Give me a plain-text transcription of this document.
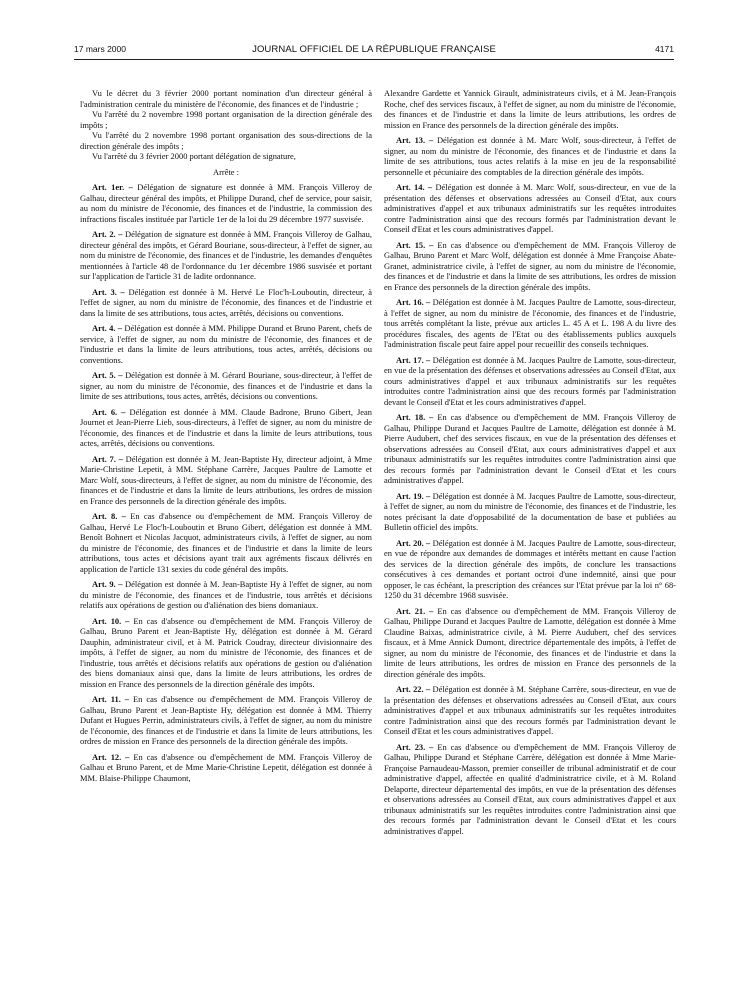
17 mars 2000	JOURNAL OFFICIEL DE LA RÉPUBLIQUE FRANÇAISE	4171

Vu le décret du 3 février 2000 portant nomination d'un directeur général à l'administration centrale du ministère de l'économie, des finances et de l'industrie ;

Vu l'arrêté du 2 novembre 1998 portant organisation de la direction générale des impôts ;

Vu l'arrêté du 2 novembre 1998 portant organisation des sous-directions de la direction générale des impôts ;

Vu l'arrêté du 3 février 2000 portant délégation de signature,

Arrête :

Art. 1er. – Délégation de signature est donnée à MM. François Villeroy de Galhau, directeur général des impôts, et Philippe Durand, chef de service, pour saisir, au nom du ministre de l'économie, des finances et de l'industrie, la commission des infractions fiscales instituée par l'article 1er de la loi du 29 décembre 1977 susvisée.

Art. 2. – Délégation de signature est donnée à MM. François Villeroy de Galhau, directeur général des impôts, et Gérard Bouriane, sous-directeur, à l'effet de signer, au nom du ministre de l'économie, des finances et de l'industrie, les demandes d'enquêtes mentionnées à l'article 48 de l'ordonnance du 1er décembre 1986 susvisée et portant sur l'application de l'article 31 de ladite ordonnance.

Art. 3. – Délégation est donnée à M. Hervé Le Floc'h-Louboutin, directeur, à l'effet de signer, au nom du ministre de l'économie, des finances et de l'industrie et dans la limite de ses attributions, tous actes, arrêtés, décisions ou conventions.

Art. 4. – Délégation est donnée à MM. Philippe Durand et Bruno Parent, chefs de service, à l'effet de signer, au nom du ministre de l'économie, des finances et de l'industrie et dans la limite de leurs attributions, tous actes, arrêtés, décisions ou conventions.

Art. 5. – Délégation est donnée à M. Gérard Bouriane, sous-directeur, à l'effet de signer, au nom du ministre de l'économie, des finances et de l'industrie et dans la limite de ses attributions, tous actes, arrêtés, décisions ou conventions.

Art. 6. – Délégation est donnée à MM. Claude Badrone, Bruno Gibert, Jean Journet et Jean-Pierre Lieb, sous-directeurs, à l'effet de signer, au nom du ministre de l'économie, des finances et de l'industrie et dans la limite de leurs attributions, tous actes, arrêtés, décisions ou conventions.

Art. 7. – Délégation est donnée à M. Jean-Baptiste Hy, directeur adjoint, à Mme Marie-Christine Lepetit, à MM. Stéphane Carrère, Jacques Paultre de Lamotte et Marc Wolf, sous-directeurs, à l'effet de signer, au nom du ministre de l'économie, des finances et de l'industrie et dans la limite de leurs attributions, les ordres de mission en France des personnels de la direction générale des impôts.

Art. 8. – En cas d'absence ou d'empêchement de MM. François Villeroy de Galhau, Hervé Le Floc'h-Louboutin et Bruno Gibert, délégation est donnée à MM. Benoît Bohnert et Nicolas Jacquot, administrateurs civils, à l'effet de signer, au nom du ministre de l'économie, des finances et de l'industrie et dans la limite de leurs attributions, tous actes et décisions ayant trait aux agréments fiscaux délivrés en application de l'article 131 sexies du code général des impôts.

Art. 9. – Délégation est donnée à M. Jean-Baptiste Hy à l'effet de signer, au nom du ministre de l'économie, des finances et de l'industrie, tous arrêtés et décisions relatifs aux opérations de gestion ou d'aliénation des biens domaniaux.

Art. 10. – En cas d'absence ou d'empêchement de MM. François Villeroy de Galhau, Bruno Parent et Jean-Baptiste Hy, délégation est donnée à M. Gérard Dauphin, administrateur civil, et à M. Patrick Coudray, directeur divisionnaire des impôts, à l'effet de signer, au nom du ministre de l'économie, des finances et de l'industrie, tous arrêtés et décisions relatifs aux opérations de gestion ou d'aliénation des biens domaniaux ainsi que, dans la limite de leurs attributions, les ordres de mission en France des personnels de la direction générale des impôts.

Art. 11. – En cas d'absence ou d'empêchement de MM. François Villeroy de Galhau, Bruno Parent et Jean-Baptiste Hy, délégation est donnée à MM. Thierry Dufant et Hugues Perrin, administrateurs civils, à l'effet de signer, au nom du ministre de l'économie, des finances et de l'industrie et dans la limite de leurs attributions, les ordres de mission en France des personnels de la direction générale des impôts.

Art. 12. – En cas d'absence ou d'empêchement de MM. François Villeroy de Galhau et Bruno Parent, et de Mme Marie-Christine Lepetit, délégation est donnée à MM. Blaise-Philippe Chaumont,

Alexandre Gardette et Yannick Girault, administrateurs civils, et à M. Jean-François Roche, chef des services fiscaux, à l'effet de signer, au nom du ministre de l'économie, des finances et de l'industrie et dans la limite de leurs attributions, les ordres de mission en France des personnels de la direction générale des impôts.

Art. 13. – Délégation est donnée à M. Marc Wolf, sous-directeur, à l'effet de signer, au nom du ministre de l'économie, des finances et de l'industrie et dans la limite de ses attributions, tous actes relatifs à la mise en jeu de la responsabilité personnelle et pécuniaire des comptables de la direction générale des impôts.

Art. 14. – Délégation est donnée à M. Marc Wolf, sous-directeur, en vue de la présentation des défenses et observations adressées au Conseil d'Etat, aux cours administratives d'appel et aux tribunaux administratifs sur les requêtes introduites contre l'administration ainsi que des recours formés par l'administration devant le Conseil d'Etat et les cours administratives d'appel.

Art. 15. – En cas d'absence ou d'empêchement de MM. François Villeroy de Galhau, Bruno Parent et Marc Wolf, délégation est donnée à Mme Françoise Abate-Granet, administratrice civile, à l'effet de signer, au nom du ministre de l'économie, des finances et de l'industrie et dans la limite de ses attributions, les ordres de mission en France des personnels de la direction générale des impôts.

Art. 16. – Délégation est donnée à M. Jacques Paultre de Lamotte, sous-directeur, à l'effet de signer, au nom du ministre de l'économie, des finances et de l'industrie, tous arrêtés complétant la liste, prévue aux articles L. 45 A et L. 198 A du livre des procédures fiscales, des agents de l'Etat ou des établissements publics auxquels l'administration fiscale peut faire appel pour recueillir des conseils techniques.

Art. 17. – Délégation est donnée à M. Jacques Paultre de Lamotte, sous-directeur, en vue de la présentation des défenses et observations adressées au Conseil d'Etat, aux cours administratives d'appel et aux tribunaux administratifs sur les requêtes introduites contre l'administration ainsi que des recours formés par l'administration devant le Conseil d'Etat et les cours administratives d'appel.

Art. 18. – En cas d'absence ou d'empêchement de MM. François Villeroy de Galhau, Philippe Durand et Jacques Paultre de Lamotte, délégation est donnée à M. Pierre Audubert, chef des services fiscaux, en vue de la présentation des défenses et observations adressées au Conseil d'Etat, aux cours administratives d'appel et aux tribunaux administratifs sur les requêtes introduites contre l'administration ainsi que des recours formés par l'administration devant le Conseil d'Etat et les cours administratives d'appel.

Art. 19. – Délégation est donnée à M. Jacques Paultre de Lamotte, sous-directeur, à l'effet de signer, au nom du ministre de l'économie, des finances et de l'industrie, les notes précisant la date d'opposabilité de la documentation de base et publiées au Bulletin officiel des impôts.

Art. 20. – Délégation est donnée à M. Jacques Paultre de Lamotte, sous-directeur, en vue de répondre aux demandes de dommages et intérêts mettant en cause l'action des services de la direction générale des impôts, de conclure les transactions consécutives à ces demandes et portant octroi d'une indemnité, ainsi que pour opposer, le cas échéant, la prescription des créances sur l'Etat prévue par la loi n° 68-1250 du 31 décembre 1968 susvisée.

Art. 21. – En cas d'absence ou d'empêchement de MM. François Villeroy de Galhau, Philippe Durand et Jacques Paultre de Lamotte, délégation est donnée à Mme Claudine Baixas, administratrice civile, à M. Pierre Audubert, chef des services fiscaux, et à Mme Annick Dumont, directrice départementale des impôts, à l'effet de signer, au nom du ministre de l'économie, des finances et de l'industrie et dans la limite de leurs attributions, les ordres de mission en France des personnels de la direction générale des impôts.

Art. 22. – Délégation est donnée à M. Stéphane Carrère, sous-directeur, en vue de la présentation des défenses et observations adressées au Conseil d'Etat, aux cours administratives d'appel et aux tribunaux administratifs sur les requêtes introduites contre l'administration ainsi que des recours formés par l'administration devant le Conseil d'Etat et les cours administratives d'appel.

Art. 23. – En cas d'absence ou d'empêchement de MM. François Villeroy de Galhau, Philippe Durand et Stéphane Carrère, délégation est donnée à Mme Marie-Françoise Parnaudeau-Masson, premier conseiller de tribunal administratif et de cour administrative d'appel, affectée en qualité d'administratrice civile, et à M. Roland Delaporte, directeur départemental des impôts, en vue de la présentation des défenses et observations adressées au Conseil d'Etat, aux cours administratives d'appel et aux tribunaux administratifs sur les requêtes introduites contre l'administration ainsi que des recours formés par l'administration devant le Conseil d'Etat et les cours administratives d'appel.
